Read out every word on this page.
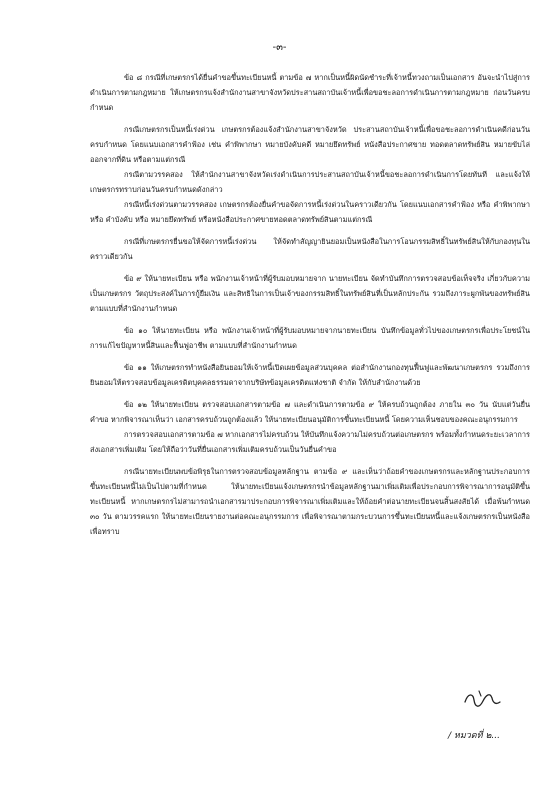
-๓-

ข้อ ๘ กรณีที่เกษตรกรได้ยื่นคำขอขึ้นทะเบียนหนี้ ตามข้อ ๗ หากเป็นหนี้ผิดนัดชำระที่เจ้าหนี้ทวงถามเป็นเอกสาร อันจะนำไปสู่การดำเนินการตามกฎหมาย ให้เกษตรกรแจ้งสำนักงานสาขาจังหวัดประสานสถาบันเจ้าหนี้เพื่อขอชะลอการดำเนินการตามกฎหมาย ก่อนวันครบกำหนด

กรณีเกษตรกรเป็นหนี้เร่งด่วน เกษตรกรต้องแจ้งสำนักงานสาขาจังหวัด ประสานสถาบันเจ้าหนี้เพื่อขอชะลอการดำเนินคดีก่อนวันครบกำหนด โดยแนบเอกสารคำฟ้อง เช่น คำพิพากษา หมายบังคับคดี หมายยึดทรัพย์ หนังสือประกาศขาย ทอดตลาดทรัพย์สิน หมายขับไล่ออกจากที่ดิน หรือตามแต่กรณี

กรณีตามวรรคสอง ให้สำนักงานสาขาจังหวัดเร่งดำเนินการประสานสถาบันเจ้าหนี้ขอชะลอการดำเนินการโดยทันที และแจ้งให้เกษตรกรทราบก่อนวันครบกำหนดดังกล่าว

กรณีหนี้เร่งด่วนตามวรรคสอง เกษตรกรต้องยื่นคำขอจัดการหนี้เร่งด่วนในคราวเดียวกัน โดยแนบเอกสารคำฟ้อง หรือ คำพิพากษา หรือ คำบังคับ หรือ หมายยึดทรัพย์ หรือหนังสือประกาศขายทอดตลาดทรัพย์สินตามแต่กรณี

กรณีที่เกษตรกรยื่นขอให้จัดการหนี้เร่งด่วน ให้จัดทำสัญญายินยอมเป็นหนังสือในการโอนกรรมสิทธิ์ในทรัพย์สินให้กับกองทุนในคราวเดียวกัน

ข้อ ๙ ให้นายทะเบียน หรือ พนักงานเจ้าหน้าที่ผู้รับมอบหมายจาก นายทะเบียน จัดทำบันทึกการตรวจสอบข้อเท็จจริง เกี่ยวกับความเป็นเกษตรกร วัตถุประสงค์ในการกู้ยืมเงิน และสิทธิในการเป็นเจ้าของกรรมสิทธิ์ในทรัพย์สินที่เป็นหลักประกัน รวมถึงภาระผูกพันของทรัพย์สิน ตามแบบที่สำนักงานกำหนด

ข้อ ๑๐ ให้นายทะเบียน หรือ พนักงานเจ้าหน้าที่ผู้รับมอบหมายจากนายทะเบียน บันทึกข้อมูลทั่วไปของเกษตรกรเพื่อประโยชน์ในการแก้ไขปัญหาหนี้สินและฟื้นฟูอาชีพ ตามแบบที่สำนักงานกำหนด

ข้อ ๑๑ ให้เกษตรกรทำหนังสือยินยอมให้เจ้าหนี้เปิดเผยข้อมูลส่วนบุคคล ต่อสำนักงานกองทุนฟื้นฟูและพัฒนาเกษตรกร รวมถึงการยินยอมให้ตรวจสอบข้อมูลเครดิตบุคคลธรรมดาจากบริษัทข้อมูลเครดิตแห่งชาติ จำกัด ให้กับสำนักงานด้วย

ข้อ ๑๒ ให้นายทะเบียน ตรวจสอบเอกสารตามข้อ ๗ และดำเนินการตามข้อ ๙ ให้ครบถ้วนถูกต้อง ภายใน ๓๐ วัน นับแต่วันยื่นคำขอ หากพิจารณาเห็นว่า เอกสารครบถ้วนถูกต้องแล้ว ให้นายทะเบียนอนุมัติการขึ้นทะเบียนหนี้ โดยความเห็นชอบของคณะอนุกรรมการ

การตรวจสอบเอกสารตามข้อ ๗ หากเอกสารไม่ครบถ้วน ให้บันทึกแจ้งความไม่ครบถ้วนต่อเกษตรกร พร้อมทั้งกำหนดระยะเวลาการส่งเอกสารเพิ่มเติม โดยให้ถือว่าวันที่ยื่นเอกสารเพิ่มเติมครบถ้วนเป็นวันยื่นคำขอ

กรณีนายทะเบียนพบข้อพิรุธในการตรวจสอบข้อมูลหลักฐาน ตามข้อ ๙ และเห็นว่าถ้อยคำของเกษตรกรและหลักฐานประกอบการขึ้นทะเบียนหนี้ไม่เป็นไปตามที่กำหนด ให้นายทะเบียนแจ้งเกษตรกรนำข้อมูลหลักฐานมาเพิ่มเติมเพื่อประกอบการพิจารณาการอนุมัติขึ้นทะเบียนหนี้ หากเกษตรกรไม่สามารถนำเอกสารมาประกอบการพิจารณาเพิ่มเติมและให้ถ้อยคำต่อนายทะเบียนจนสิ้นสงสัยได้ เมื่อพ้นกำหนด ๓๐ วัน ตามวรรคแรก ให้นายทะเบียนรายงานต่อคณะอนุกรรมการ เพื่อพิจารณาตามกระบวนการขึ้นทะเบียนหนี้และแจ้งเกษตรกรเป็นหนังสือเพื่อทราบ

/ หมวดที่ ๒...
